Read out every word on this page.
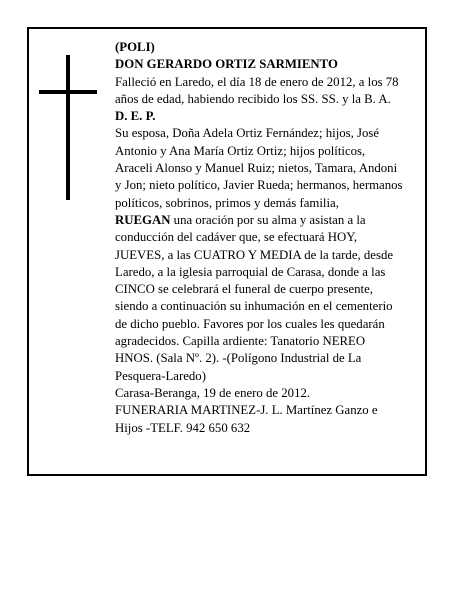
(POLI)
DON GERARDO ORTIZ SARMIENTO
Falleció en Laredo, el día 18 de enero de 2012, a los 78
años de edad, habiendo recibido los SS. SS. y la B. A.
D. E. P.
Su esposa, Doña Adela Ortiz Fernández; hijos, José
Antonio y Ana María Ortiz Ortiz; hijos políticos,
Araceli Alonso y Manuel Ruiz; nietos, Tamara, Andoni
y Jon; nieto político, Javier Rueda; hermanos, hermanos
políticos, sobrinos, primos y demás familia,
RUEGAN una oración por su alma y asistan a la
conducción del cadáver que, se efectuará HOY,
JUEVES, a las CUATRO Y MEDIA de la tarde, desde
Laredo, a la iglesia parroquial de Carasa, donde a las
CINCO se celebrará el funeral de cuerpo presente,
siendo a continuación su inhumación en el cementerio
de dicho pueblo. Favores por los cuales les quedarán
agradecidos. Capilla ardiente: Tanatorio NEREO
HNOS. (Sala Nº. 2). -(Polígono Industrial de La
Pesquera-Laredo)
Carasa-Beranga, 19 de enero de 2012.
FUNERARIA MARTINEZ-J. L. Martínez Ganzo e
Hijos -TELF. 942 650 632
